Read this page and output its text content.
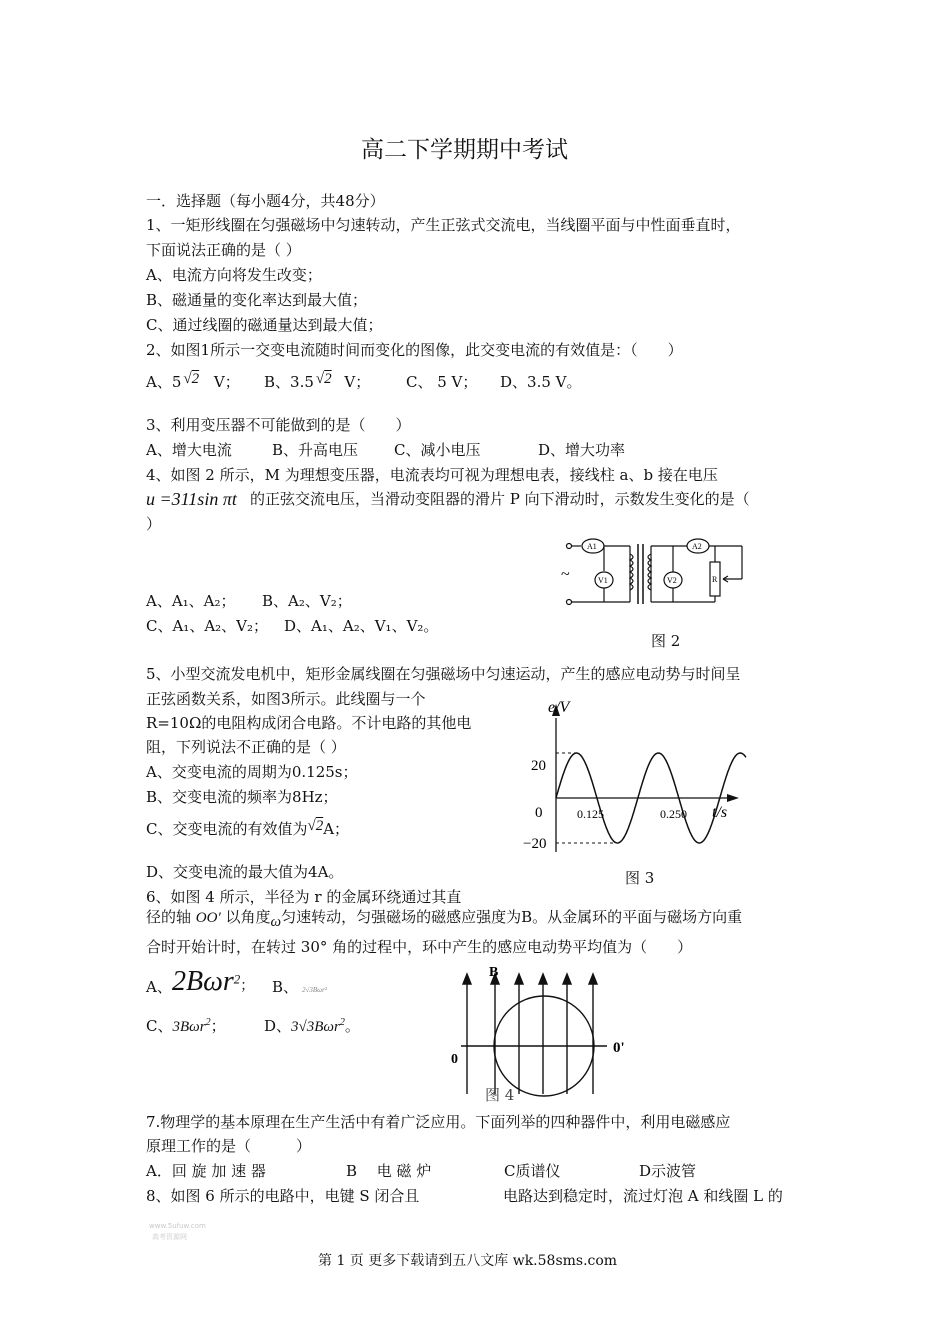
高二下学期期中考试
一．选择题（每小题4分，共48分）
1、一矩形线圈在匀强磁场中匀速转动，产生正弦式交流电，当线圈平面与中性面垂直时，
下面说法正确的是（ ）
A、电流方向将发生改变；
B、磁通量的变化率达到最大值；
C、通过线圈的磁通量达到最大值；
2、如图1所示一交变电流随时间而变化的图像，此交变电流的有效值是：（　　）
A、5 √2 V； B、3.5 √2 V； C、 5 V； D、3.5 V。
3、利用变压器不可能做到的是（　　）
A、增大电流	B、升高电压 C、减小电压	D、增大功率
4、如图 2 所示，M 为理想变压器，电流表均可视为理想电表，接线柱 a、b 接在电压
u =311sin πt 的正弦交流电压，当滑动变阻器的滑片 P 向下滑动时，示数发生变化的是（
）
A、A₁、A₂； B、A₂、V₂；
C、A₁、A₂、V₂； D、A₁、A₂、V₁、V₂。
A1	A2
V1	V2	R
~
图 2
5、小型交流发电机中，矩形金属线圈在匀强磁场中匀速运动，产生的感应电动势与时间呈
正弦函数关系，如图3所示。此线圈与一个
R=10Ω的电阻构成闭合电路。不计电路的其他电
阻，下列说法不正确的是（ ）
A、交变电流的周期为0.125s；
B、交变电流的频率为8Hz；
C、交变电流的有效值为√2A；
D、交变电流的最大值为4A。
e/V
20
0
−20
0.125	0.250 t/s
图 3
6、如图 4 所示，半径为 r 的金属环绕通过其直
径的轴 OO′ 以角度ω匀速转动，匀强磁场的磁感应强度为B。从金属环的平面与磁场方向重
合时开始计时，在转过 30° 角的过程中，环中产生的感应电动势平均值为（　　）
A、 2Bωr$^2$； B、 2√3Bωr²
C、3Bωr$^2$；	D、3√3Bωr$^2$。
B
0
0'
图 4
7.物理学的基本原理在生产生活中有着广泛应用。下面列举的四种器件中，利用电磁感应
原理工作的是（　　　）
A．回 旋 加 速 器	B　 电 磁 炉	C质谱仪	D示波管
8、如图 6 所示的电路中，电键 S 闭合且	电路达到稳定时，流过灯泡 A 和线圈 L 的
www.5ufuw.com
高考资源网
第 1 页 更多下载请到五八文库 wk.58sms.com
